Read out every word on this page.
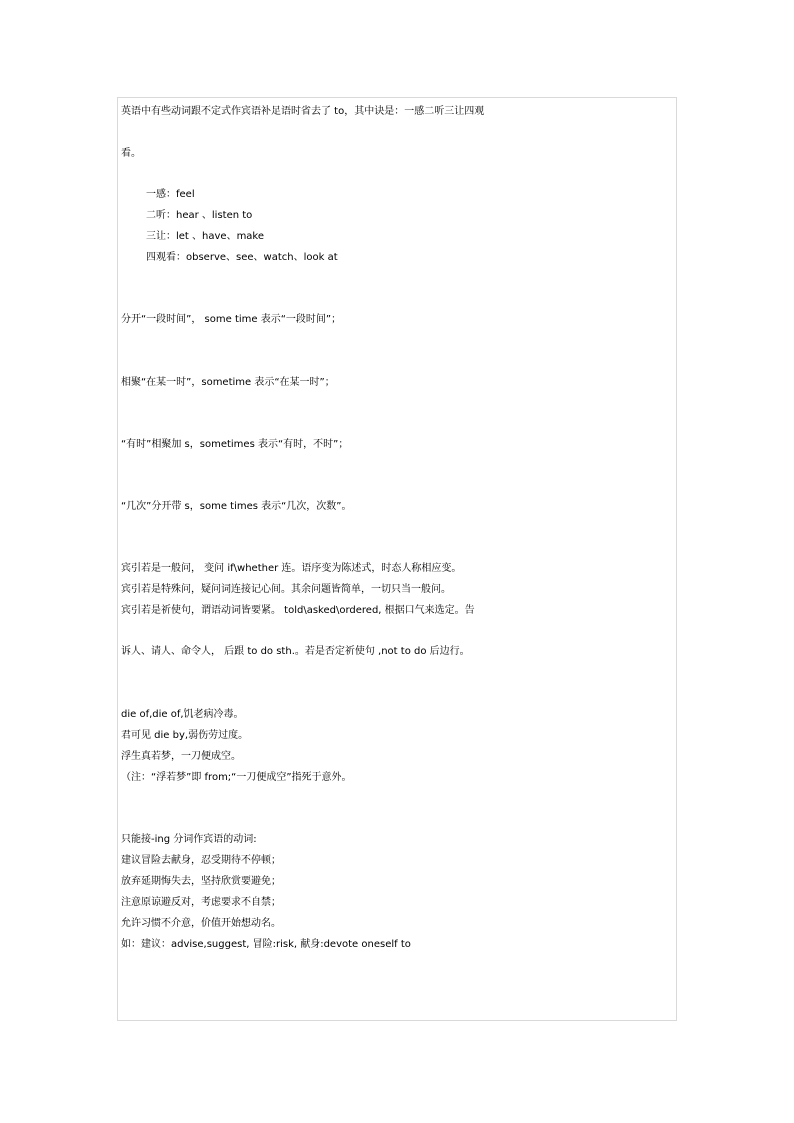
英语中有些动词跟不定式作宾语补足语时省去了 to，其中诀是：一感二听三让四观
看。
一感：feel
二听：hear 、listen to
三让：let 、have、make
四观看：observe、see、watch、look at
分开“一段时间”， some time 表示“一段时间”；
相聚“在某一时”，sometime 表示“在某一时”；
“有时”相聚加 s，sometimes 表示“有时，不时”；
“几次”分开带 s，some times 表示“几次，次数”。
宾引若是一般问， 变问 if\whether 连。语序变为陈述式，时态人称相应变。
宾引若是特殊问，疑问词连接记心间。其余问题皆简单，一切只当一般问。
宾引若是祈使句，谓语动词皆要紧。 told\asked\ordered, 根据口气来选定。告
诉人、请人、命令人， 后跟 to do sth.。若是否定祈使句 ,not to do 后边行。
die of,die of,饥老病冷毒。
君可见 die by,弱伤劳过度。
浮生真若梦，一刀便成空。
（注：“浮若梦”即 from;“一刀便成空”指死于意外。
只能接-ing 分词作宾语的动词:
建议冒险去献身，忍受期待不停顿；
放弃延期悔失去，坚持欣赏要避免；
注意原谅避反对，考虑要求不自禁；
允许习惯不介意，价值开始想动名。
如：建议：advise,suggest, 冒险:risk, 献身:devote oneself to
